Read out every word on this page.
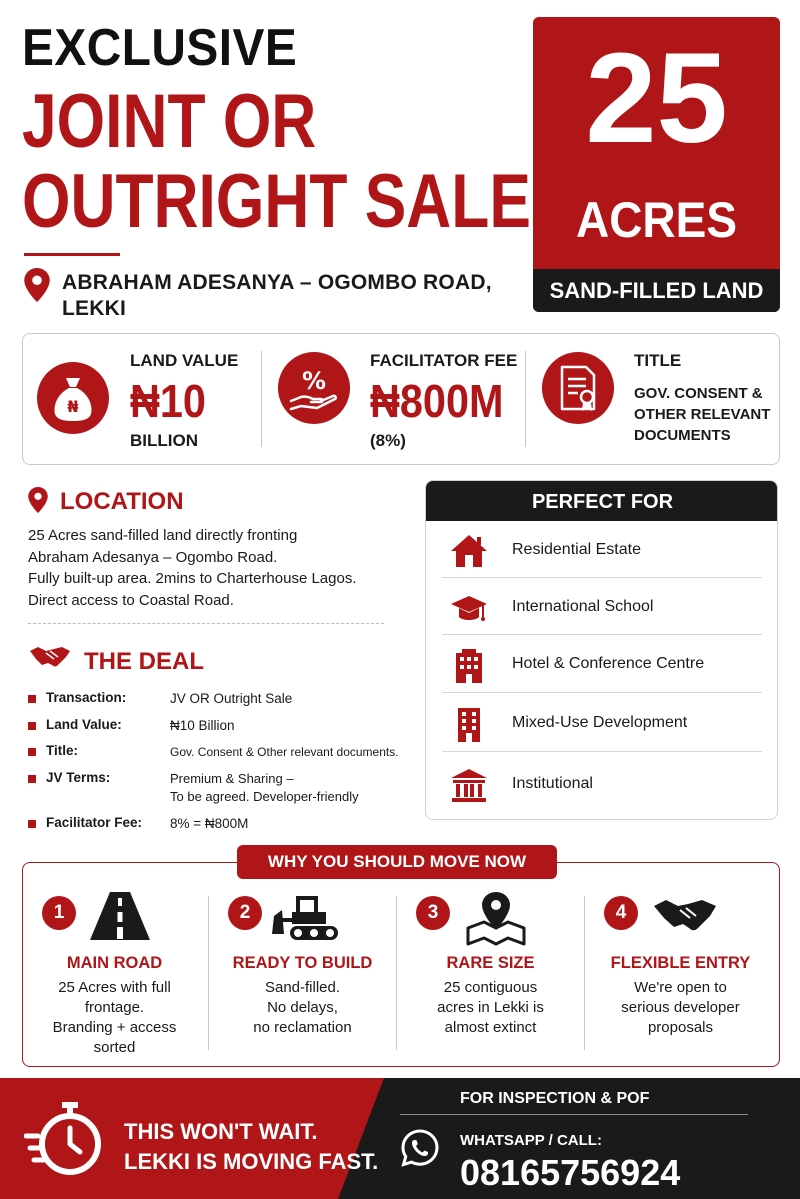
EXCLUSIVE
JOINT OR
OUTRIGHT SALE
ABRAHAM ADESANYA – OGOMBO ROAD,
LEKKI
25
ACRES
SAND-FILLED LAND
₦
LAND VALUE
₦10
BILLION
%
FACILITATOR FEE
₦800M
(8%)
TITLE
GOV. CONSENT &
OTHER RELEVANT
DOCUMENTS
LOCATION
25 Acres sand-filled land directly fronting
Abraham Adesanya – Ogombo Road.
Fully built-up area. 2mins to Charterhouse Lagos.
Direct access to Coastal Road.
THE DEAL
Transaction:	JV OR Outright Sale
Land Value:	₦10 Billion
Title:	Gov. Consent & Other relevant documents.
JV Terms:	Premium & Sharing –
To be agreed. Developer-friendly
Facilitator Fee: 8% = ₦800M
PERFECT FOR
Residential Estate
International School
Hotel & Conference Centre
Mixed-Use Development
Institutional
WHY YOU SHOULD MOVE NOW
1
MAIN ROAD
25 Acres with full
frontage.
Branding + access
sorted
2
READY TO BUILD
Sand-filled.
No delays,
no reclamation
3
RARE SIZE
25 contiguous
acres in Lekki is
almost extinct
4
FLEXIBLE ENTRY
We're open to
serious developer
proposals
THIS WON'T WAIT.
LEKKI IS MOVING FAST.
FOR INSPECTION & POF
WHATSAPP / CALL:
08165756924
